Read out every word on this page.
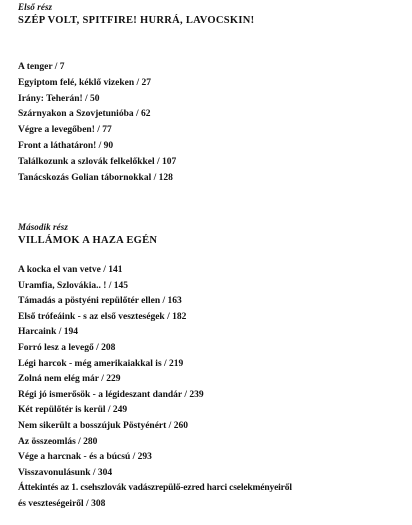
Első rész
SZÉP VOLT, SPITFIRE! HURRÁ, LAVOCSKIN!
A tenger / 7
Egyiptom felé, kéklő vizeken / 27
Irány: Teherán! / 50
Szárnyakon a Szovjetunióba / 62
Végre a levegőben! / 77
Front a láthatáron! / 90
Találkozunk a szlovák felkelőkkel / 107
Tanácskozás Golian tábornokkal / 128
Második rész
VILLÁMOK A HAZA EGÉN
A kocka el van vetve / 141
Uramfia, Szlovákia.. ! / 145
Támadás a pöstyéni repülőtér ellen / 163
Első trófeáink - s az első veszteségek / 182
Harcaink / 194
Forró lesz a levegő / 208
Légi harcok - még amerikaiakkal is / 219
Zolná nem elég már / 229
Régi jó ismerősök - a légideszant dandár / 239
Két repülőtér is kerül / 249
Nem sikerült a bosszújuk Pöstyénért / 260
Az összeomlás / 280
Vége a harcnak - és a búcsú / 293
Visszavonulásunk / 304
Áttekintés az 1. csehszlovák vadászrepülő-ezred harci cselekményeiről
és veszteségeiről / 308
